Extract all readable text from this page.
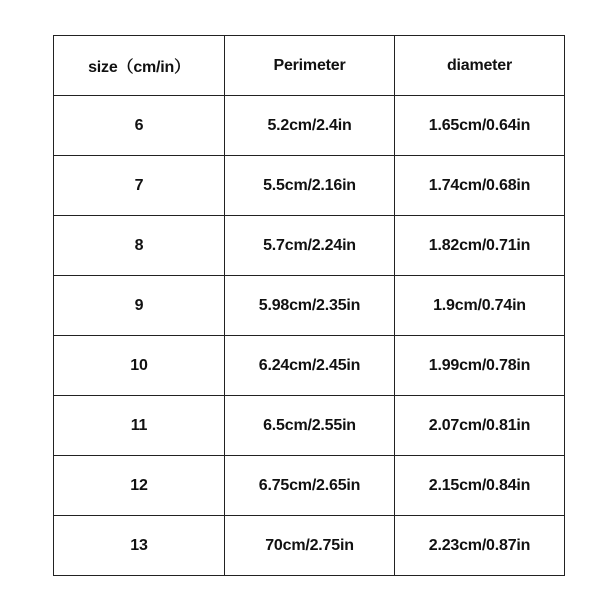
size（cm/in）	Perimeter	diameter
6	5.2cm/2.4in	1.65cm/0.64in
7	5.5cm/2.16in	1.74cm/0.68in
8	5.7cm/2.24in	1.82cm/0.71in
9	5.98cm/2.35in	1.9cm/0.74in
10	6.24cm/2.45in	1.99cm/0.78in
11	6.5cm/2.55in	2.07cm/0.81in
12	6.75cm/2.65in	2.15cm/0.84in
13	70cm/2.75in	2.23cm/0.87in
